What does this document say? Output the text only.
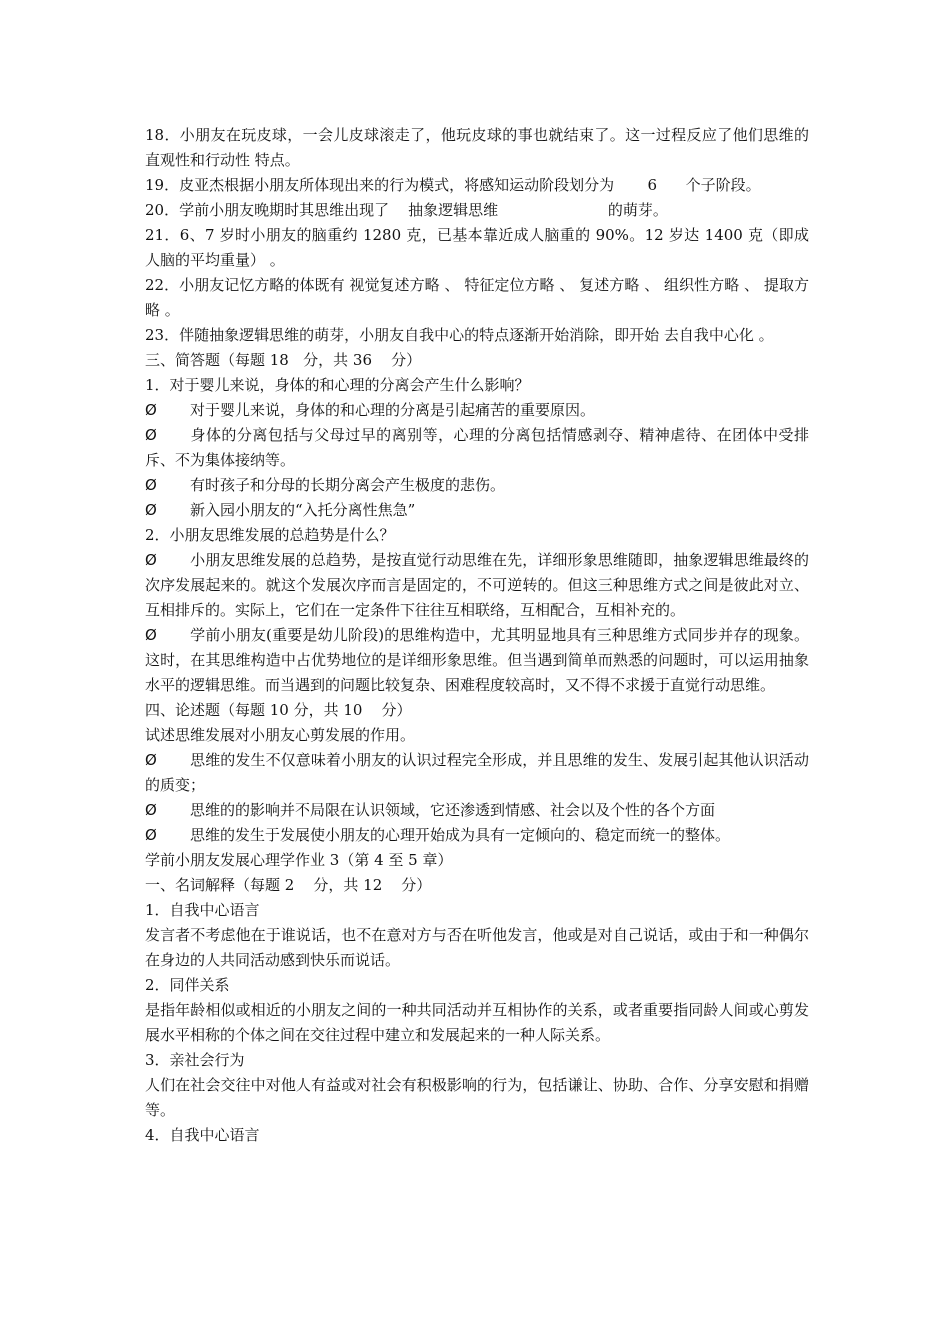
18．小朋友在玩皮球，一会儿皮球滚走了，他玩皮球的事也就结束了。这一过程反应了他们思维的 直观性和行动性 特点。
19．皮亚杰根据小朋友所体现出来的行为模式，将感知运动阶段划分为       6      个子阶段。
20．学前小朋友晚期时其思维出现了    抽象逻辑思维                       的萌芽。
21．6、7 岁时小朋友的脑重约 1280 克，已基本靠近成人脑重的 90%。12 岁达 1400 克（即成人脑的平均重量） 。
22．小朋友记忆方略的体既有 视觉复述方略 、 特征定位方略 、 复述方略 、 组织性方略 、 提取方略 。
23．伴随抽象逻辑思维的萌芽，小朋友自我中心的特点逐渐开始消除，即开始 去自我中心化 。
三、简答题（每题 18   分，共 36    分）
1．对于婴儿来说，身体的和心理的分离会产生什么影响？
Ø 对于婴儿来说，身体的和心理的分离是引起痛苦的重要原因。
Ø 身体的分离包括与父母过早的离别等，心理的分离包括情感剥夺、精神虐待、在团体中受排斥、不为集体接纳等。
Ø 有时孩子和分母的长期分离会产生极度的悲伤。
Ø 新入园小朋友的“入托分离性焦急”
2．小朋友思维发展的总趋势是什么？
Ø 小朋友思维发展的总趋势，是按直觉行动思维在先，详细形象思维随即，抽象逻辑思维最终的次序发展起来的。就这个发展次序而言是固定的，不可逆转的。但这三种思维方式之间是彼此对立、互相排斥的。实际上，它们在一定条件下往往互相联络，互相配合，互相补充的。
Ø 学前小朋友(重要是幼儿阶段)的思维构造中，尤其明显地具有三种思维方式同步并存的现象。这时，在其思维构造中占优势地位的是详细形象思维。但当遇到简单而熟悉的问题时，可以运用抽象水平的逻辑思维。而当遇到的问题比较复杂、困难程度较高时，又不得不求援于直觉行动思维。
四、论述题（每题 10 分，共 10    分）
试述思维发展对小朋友心剪发展的作用。
Ø 思维的发生不仅意味着小朋友的认识过程完全形成，并且思维的发生、发展引起其他认识活动的质变；
Ø 思维的的影响并不局限在认识领域，它还渗透到情感、社会以及个性的各个方面
Ø 思维的发生于发展使小朋友的心理开始成为具有一定倾向的、稳定而统一的整体。
学前小朋友发展心理学作业 3（第 4 至 5 章）
一、名词解释（每题 2    分，共 12    分）
1．自我中心语言
发言者不考虑他在于谁说话，也不在意对方与否在听他发言，他或是对自己说话，或由于和一种偶尔在身边的人共同活动感到快乐而说话。
2．同伴关系
是指年龄相似或相近的小朋友之间的一种共同活动并互相协作的关系，或者重要指同龄人间或心剪发展水平相称的个体之间在交往过程中建立和发展起来的一种人际关系。
3．亲社会行为
人们在社会交往中对他人有益或对社会有积极影响的行为，包括谦让、协助、合作、分享安慰和捐赠等。
4．自我中心语言
